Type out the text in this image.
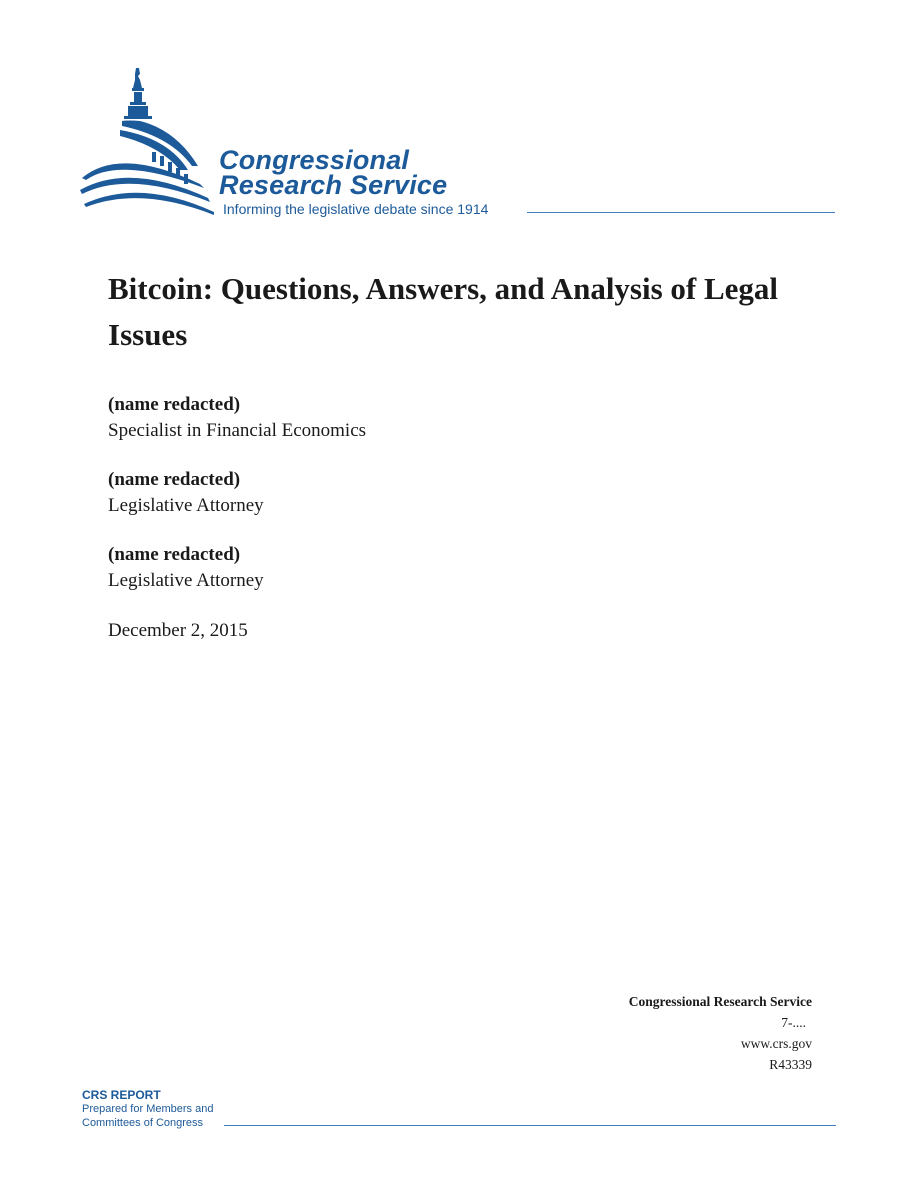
Congressional
Research Service
Informing the legislative debate since 1914
Bitcoin: Questions, Answers, and Analysis of Legal Issues
(name redacted)
Specialist in Financial Economics
(name redacted)
Legislative Attorney
(name redacted)
Legislative Attorney
December 2, 2015
Congressional Research Service
7-....
www.crs.gov
R43339
CRS REPORT
Prepared for Members and
Committees of Congress
